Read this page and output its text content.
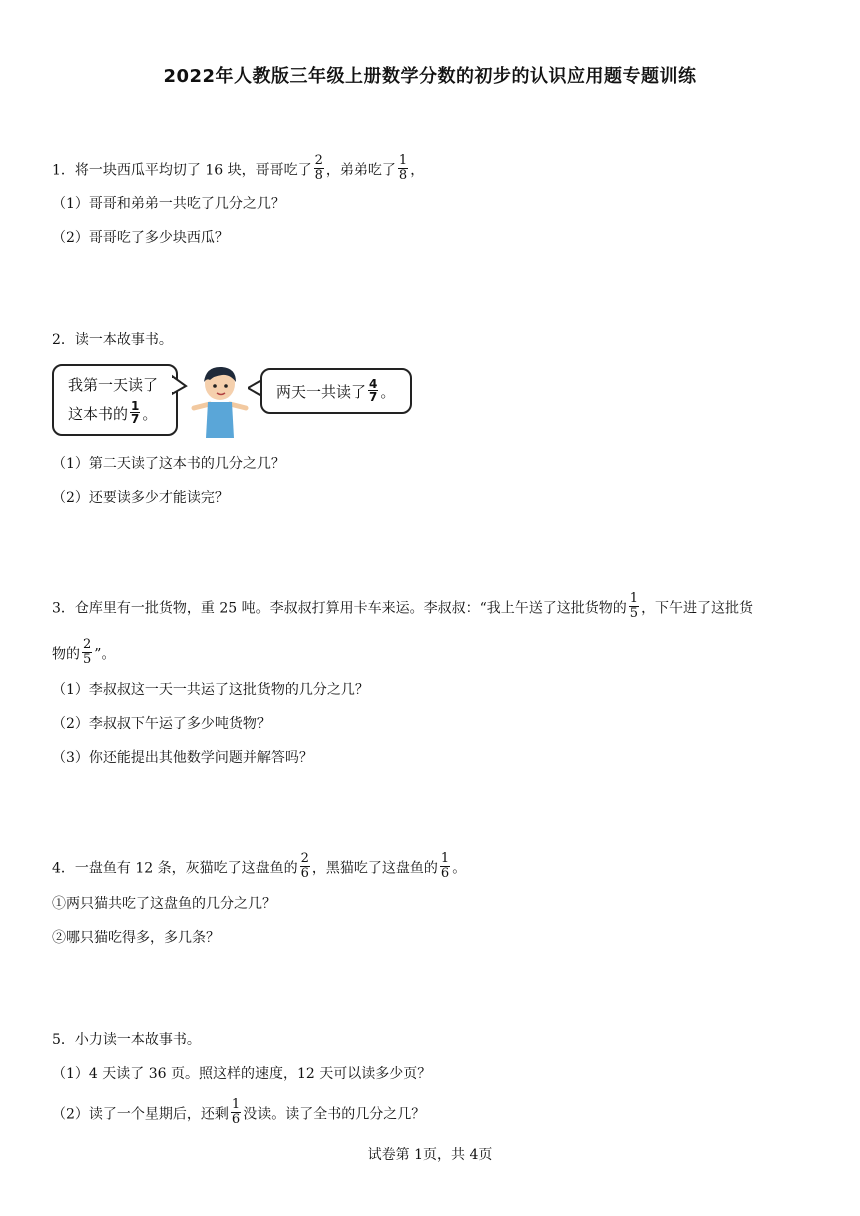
2022年人教版三年级上册数学分数的初步的认识应用题专题训练
1．将一块西瓜平均切了 16 块，哥哥吃了 $\frac{2}{8}$ ，弟弟吃了 $\frac{1}{8}$ ，
（1）哥哥和弟弟一共吃了几分之几？
（2）哥哥吃了多少块西瓜？
2．读一本故事书。
我第一天读了
这本书的 $\frac{1}{7}$ 。
两天一共读了 $\frac{4}{7}$ 。
（1）第二天读了这本书的几分之几？
（2）还要读多少才能读完？
3．仓库里有一批货物，重 25 吨。李叔叔打算用卡车来运。李叔叔：“我上午送了这批货物的 $\frac{1}{5}$ ，下午进了这批货
物的 $\frac{2}{5}$ ”。
（1）李叔叔这一天一共运了这批货物的几分之几？
（2）李叔叔下午运了多少吨货物？
（3）你还能提出其他数学问题并解答吗？
4．一盘鱼有 12 条，灰猫吃了这盘鱼的 $\frac{2}{6}$ ，黑猫吃了这盘鱼的 $\frac{1}{6}$ 。
①两只猫共吃了这盘鱼的几分之几？
②哪只猫吃得多，多几条？
5．小力读一本故事书。
（1）4 天读了 36 页。照这样的速度，12 天可以读多少页？
（2）读了一个星期后，还剩 $\frac{1}{6}$ 没读。读了全书的几分之几？
试卷第 1页，共 4页
